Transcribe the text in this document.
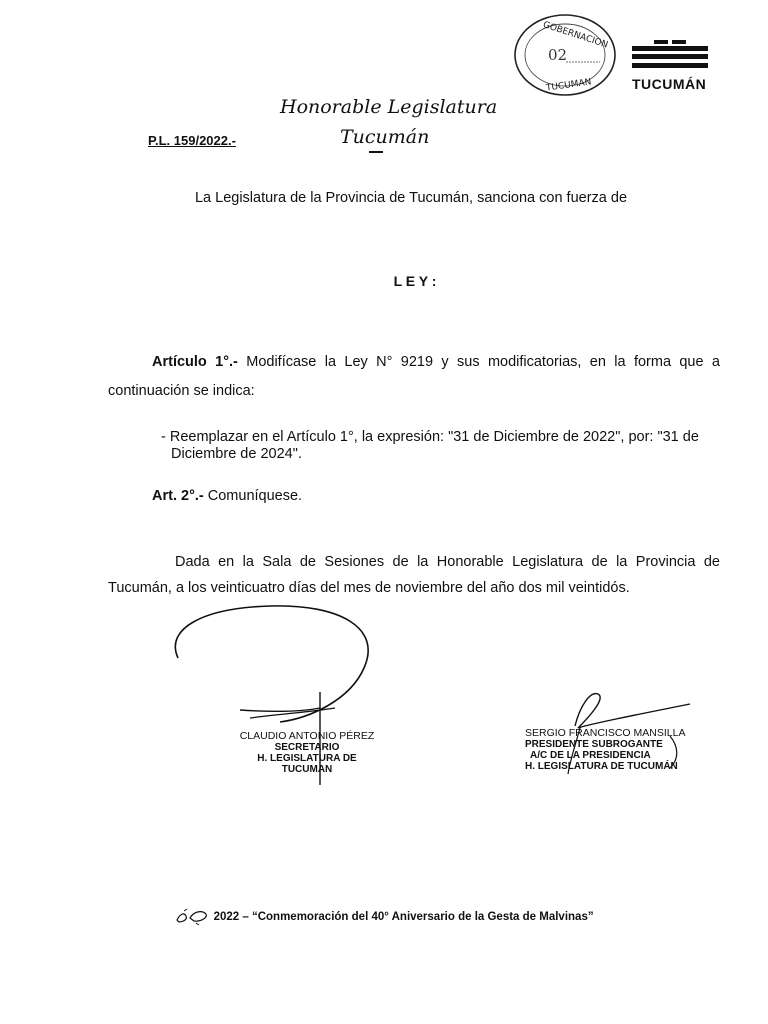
GOBERNACION
02
TUCUMAN	TUCUMÁN
Honorable Legislatura
Tucumán
P.L. 159/2022.-
La Legislatura de la Provincia de Tucumán, sanciona con fuerza de
L E Y :
Artículo 1°.- Modifícase la Ley N° 9219 y sus modificatorias, en la forma que a
continuación se indica:
- Reemplazar en el Artículo 1°, la expresión: "31 de Diciembre de 2022", por: "31 de
Diciembre de 2024".
Art. 2°.- Comuníquese.
Dada en la Sala de Sesiones de la Honorable Legislatura de la Provincia de
Tucumán, a los veinticuatro días del mes de noviembre del año dos mil veintidós.
CLAUDIO ANTONIO PÉREZ
SECRETARIO
H. LEGISLATURA DE TUCUMAN
SERGIO FRANCISCO MANSILLA
PRESIDENTE SUBROGANTE
A/C DE LA PRESIDENCIA
H. LEGISLATURA DE TUCUMÁN
2022 – “Conmemoración del 40° Aniversario de la Gesta de Malvinas”
